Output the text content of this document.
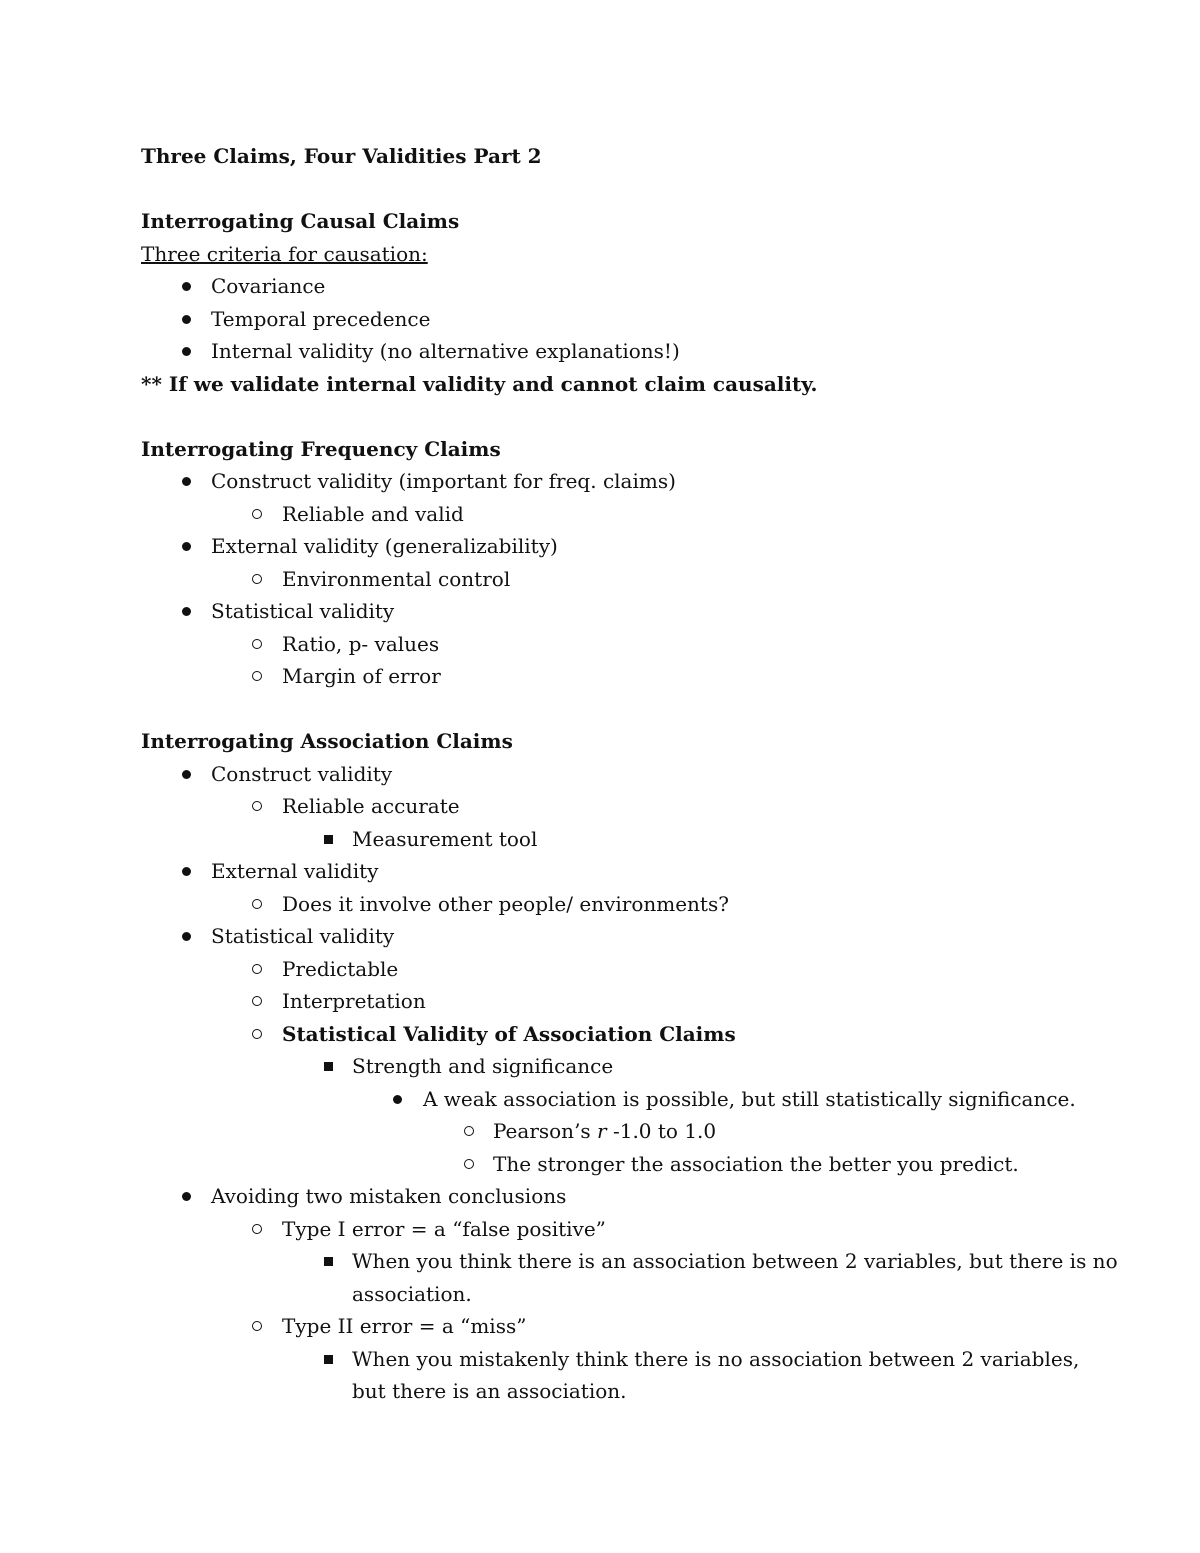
Three Claims, Four Validities Part 2
Interrogating Causal Claims
Three criteria for causation:
Covariance
Temporal precedence
Internal validity (no alternative explanations!)
** If we validate internal validity and cannot claim causality.
Interrogating Frequency Claims
Construct validity (important for freq. claims)
Reliable and valid
External validity (generalizability)
Environmental control
Statistical validity
Ratio, p- values
Margin of error
Interrogating Association Claims
Construct validity
Reliable accurate
Measurement tool
External validity
Does it involve other people/ environments?
Statistical validity
Predictable
Interpretation
Statistical Validity of Association Claims
Strength and significance
A weak association is possible, but still statistically significance.
Pearson’s r -1.0 to 1.0
The stronger the association the better you predict.
Avoiding two mistaken conclusions
Type I error = a “false positive”
When you think there is an association between 2 variables, but there is no
association.
Type II error = a “miss”
When you mistakenly think there is no association between 2 variables,
but there is an association.
